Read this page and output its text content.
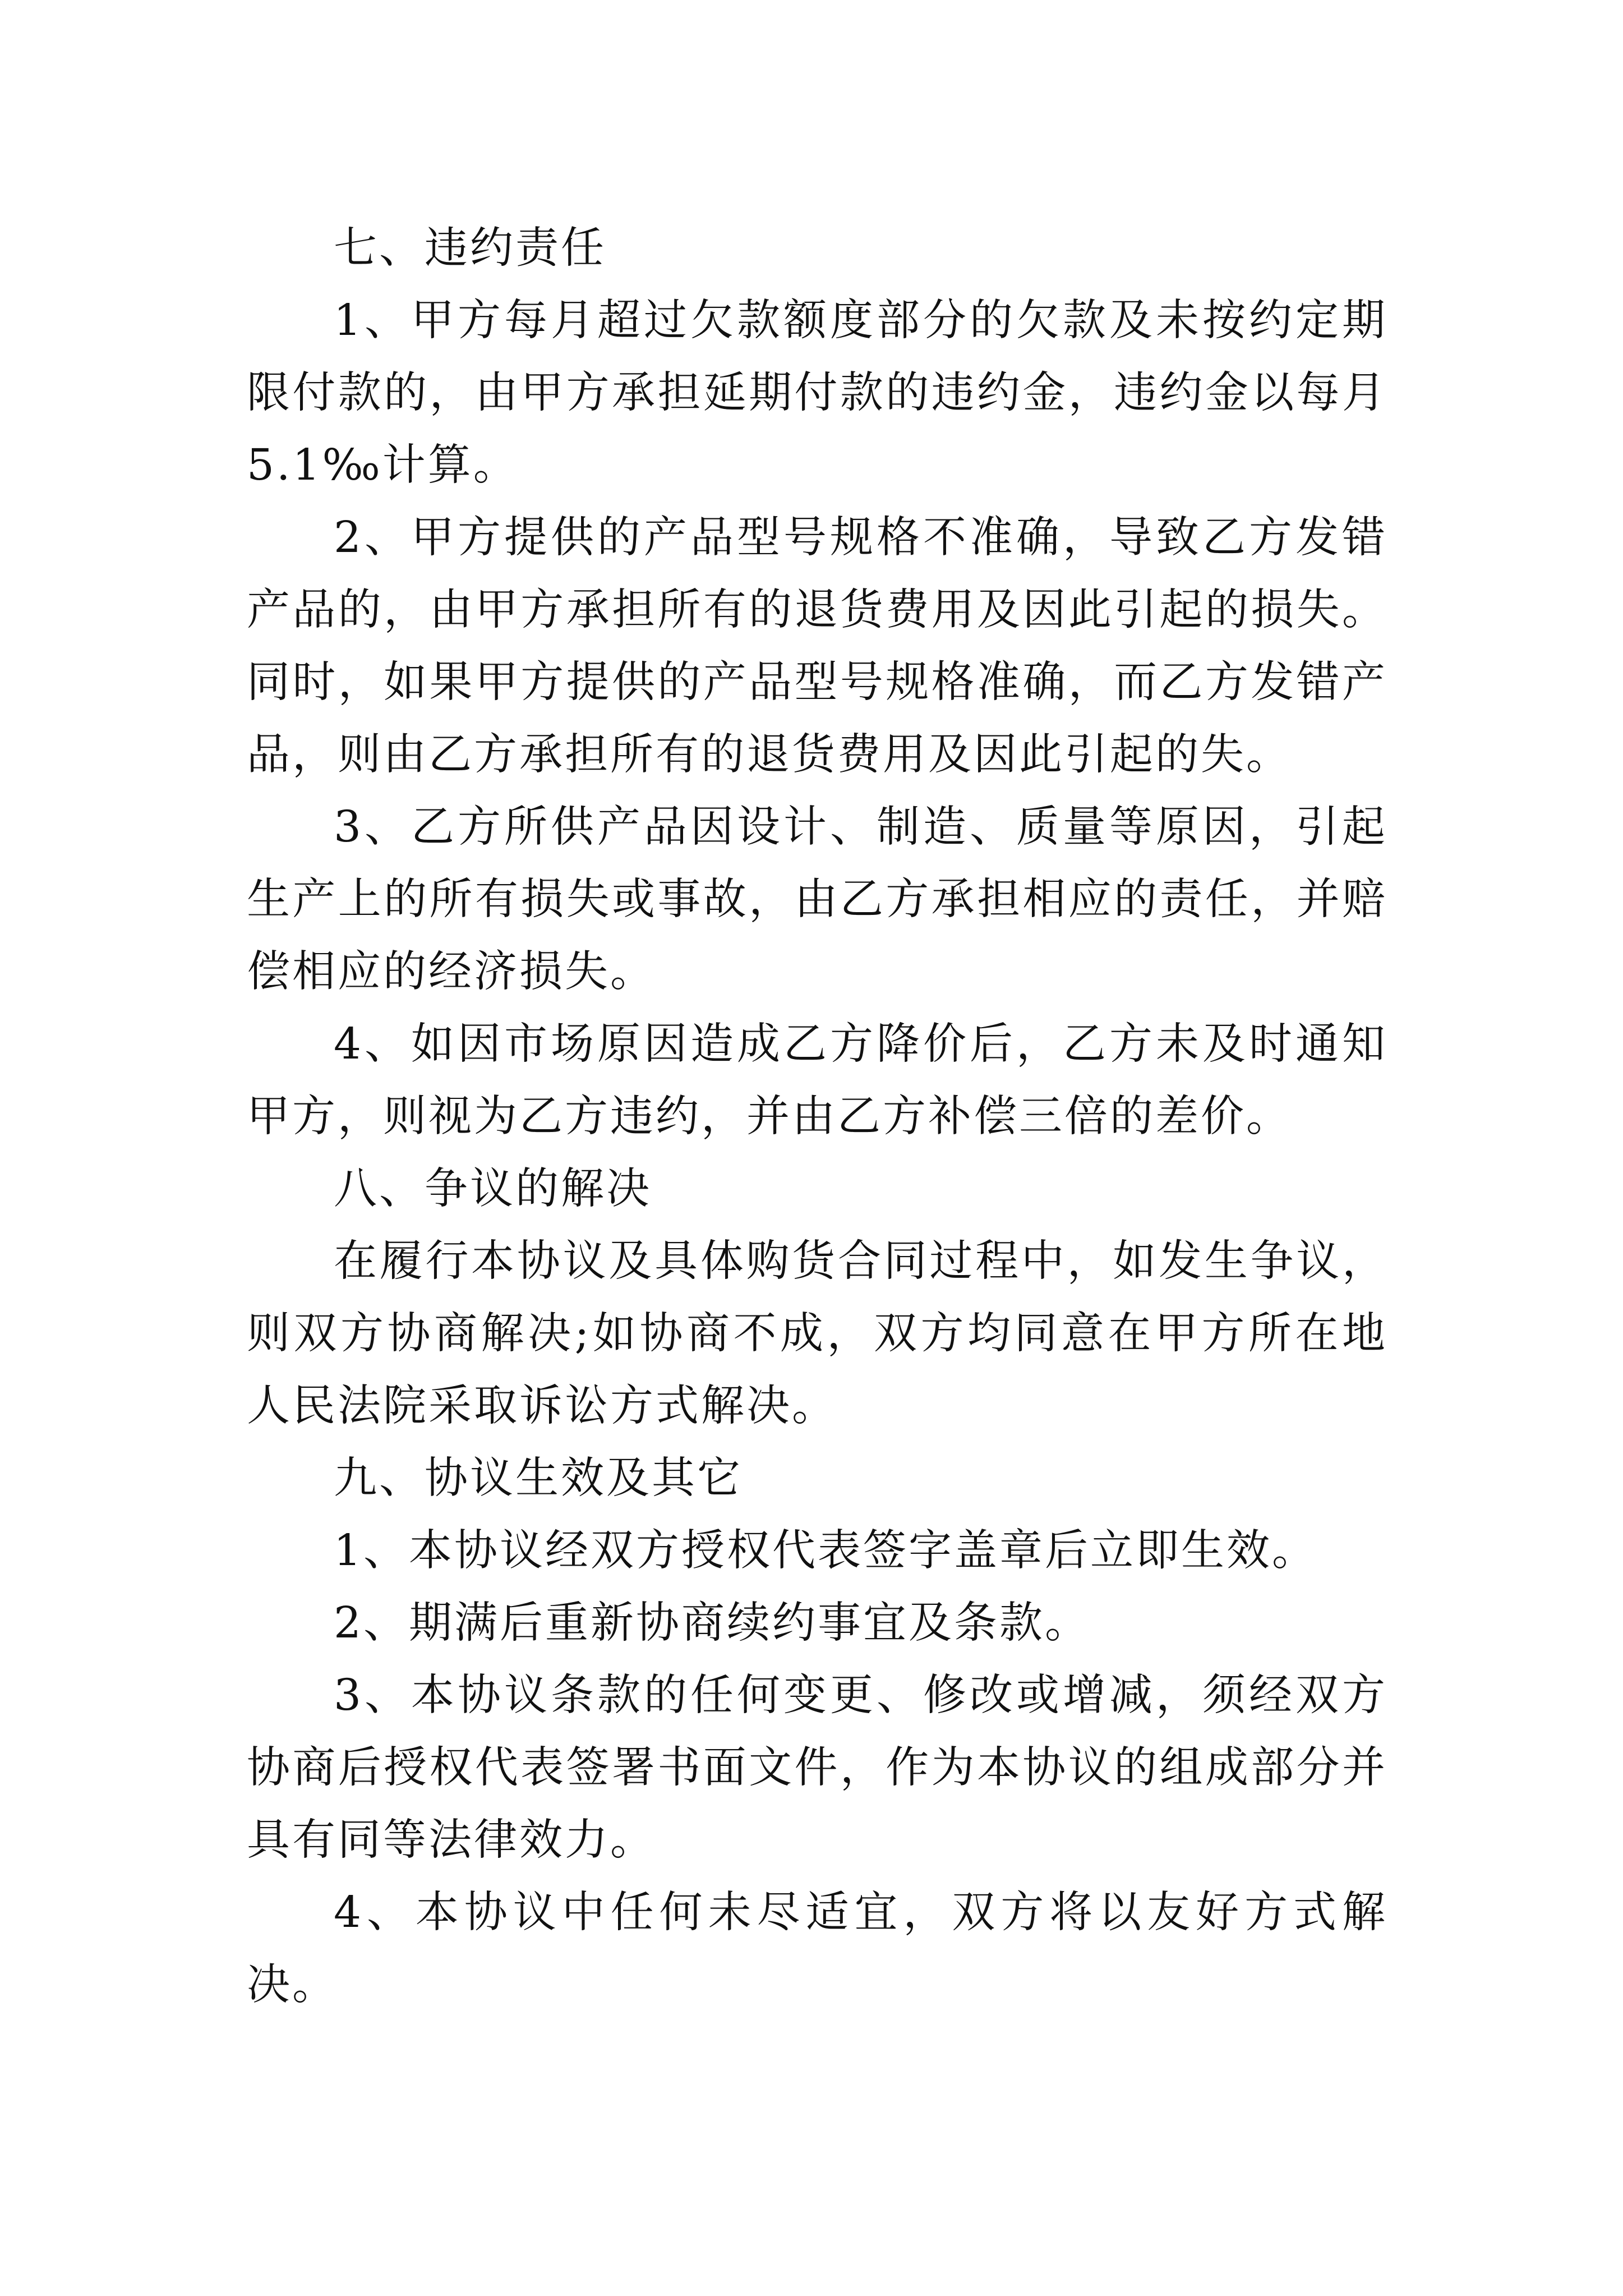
七、违约责任

1、甲方每月超过欠款额度部分的欠款及未按约定期限付款的，由甲方承担延期付款的违约金，违约金以每月5.1‰计算。

2、甲方提供的产品型号规格不准确，导致乙方发错产品的，由甲方承担所有的退货费用及因此引起的损失。同时，如果甲方提供的产品型号规格准确，而乙方发错产品，则由乙方承担所有的退货费用及因此引起的失。

3、乙方所供产品因设计、制造、质量等原因，引起生产上的所有损失或事故，由乙方承担相应的责任，并赔偿相应的经济损失。

4、如因市场原因造成乙方降价后，乙方未及时通知甲方，则视为乙方违约，并由乙方补偿三倍的差价。

八、争议的解决

在履行本协议及具体购货合同过程中，如发生争议，则双方协商解决;如协商不成，双方均同意在甲方所在地人民法院采取诉讼方式解决。

九、协议生效及其它

1、本协议经双方授权代表签字盖章后立即生效。

2、期满后重新协商续约事宜及条款。

3、本协议条款的任何变更、修改或增减，须经双方协商后授权代表签署书面文件，作为本协议的组成部分并具有同等法律效力。

4、本协议中任何未尽适宜，双方将以友好方式解决。
